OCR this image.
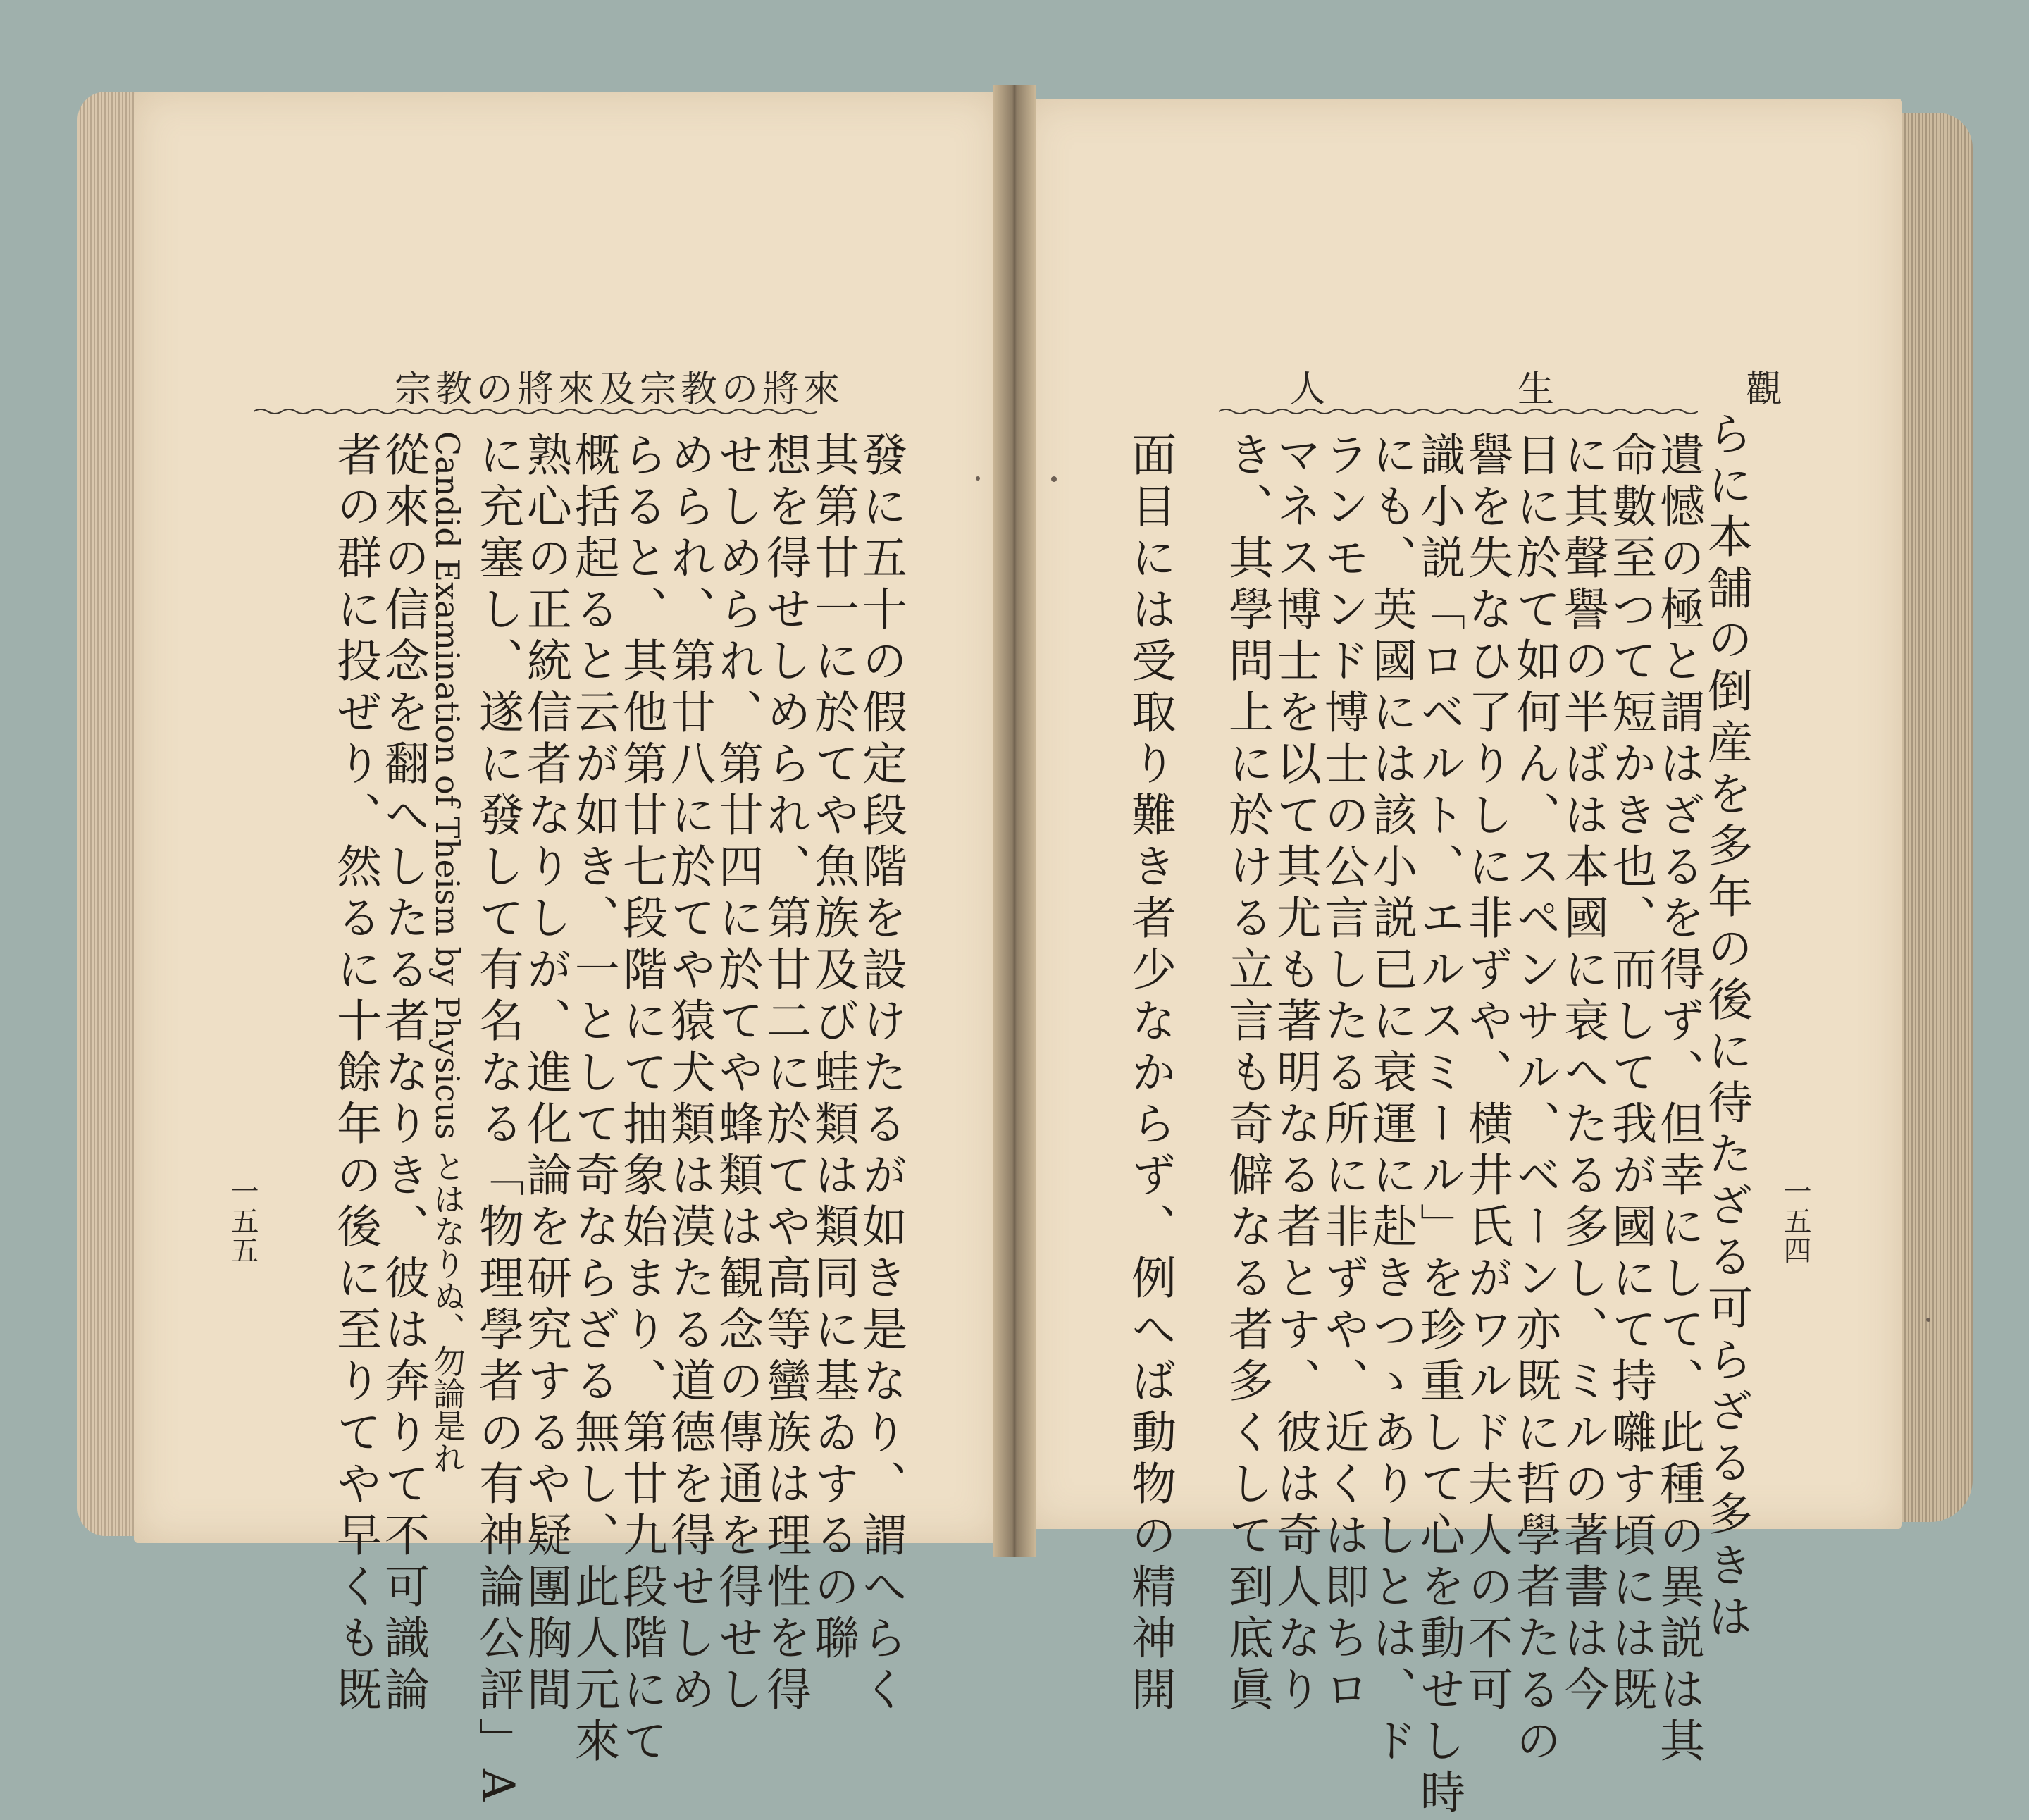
宗教の將來及宗教の將來	人　生　觀
發に五十の假定段階を設けたるが如き是なり、謂へらく
其第廿一に於てや魚族及び蛙類は類同に基ゐするの聯
想を得せしめられ、第廿二に於てや高等蠻族は理性を得
せしめられ、第廿四に於てや蜂類は観念の傳通を得せし
められ、第廿八に於てや猿犬類は漠たる道德を得せしめ
らると、其他第廿七段階にて抽象始まり、第廿九段階にて
概括起ると云が如き、一として奇ならざる無し、此人元來
熟心の正統信者なりしが、進化論を研究するや疑團胸間
に充塞し、遂に發して有名なる「物理學者の有神論公評」A
Candid Examination of Theism by Physicus とはなりぬ、勿論是れ
從來の信念を翻へしたる者なりき、彼は奔りて不可識論
者の群に投ぜり、然るに十餘年の後に至りてや早くも既
一五五	らに本舗の倒産を多年の後に待たざる可らざる多きは
遺憾の極と謂はざるを得ず、但幸にして、此種の異説は其
命數至つて短かき也、而して我が國にて持囃す頃には既
に其聲譽の半ばは本國に衰へたる多し、ミルの著書は今
日に於て如何ん、スペンサル、ベーン亦既に哲學者たるの
譽を失なひ了りしに非ずや、横井氏がワルド夫人の不可
識小説「ロベルト、エルスミール」を珍重して心を動せし時
にも、英國には該小説已に衰運に赴きつゝありしとは、ド
ランモンド博士の公言したる所に非ずや、近くは即ちロ
マネス博士を以て其尤も著明なる者とす、彼は奇人なり
き、其學問上に於ける立言も奇僻なる者多くして到底眞
面目には受取り難き者少なからず、例へば動物の精神開	一五四
